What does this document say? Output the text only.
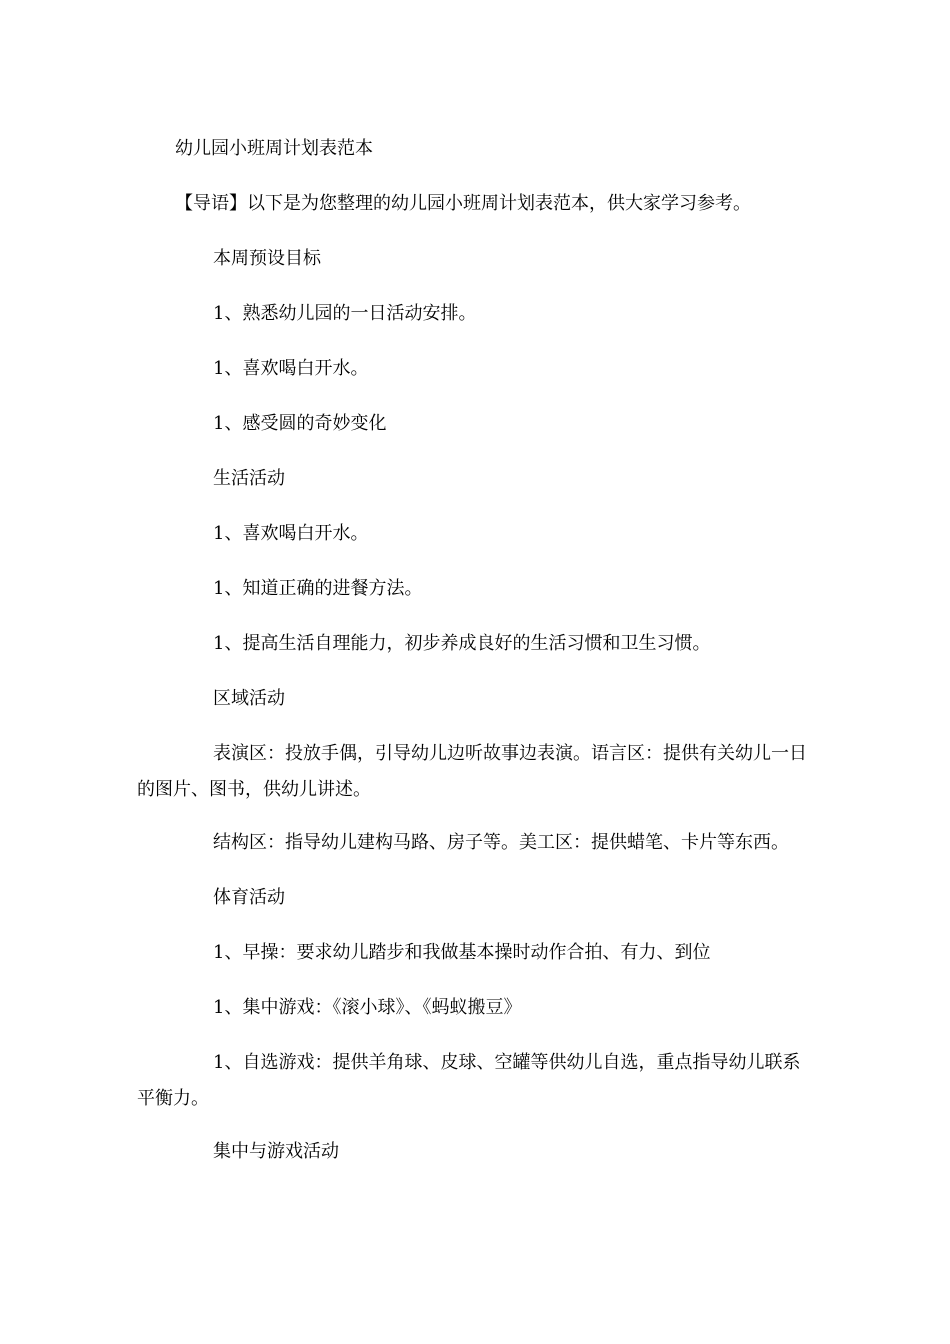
幼儿园小班周计划表范本
【导语】以下是为您整理的幼儿园小班周计划表范本，供大家学习参考。
本周预设目标
1、熟悉幼儿园的一日活动安排。
1、喜欢喝白开水。
1、感受圆的奇妙变化
生活活动
1、喜欢喝白开水。
1、知道正确的进餐方法。
1、提高生活自理能力，初步养成良好的生活习惯和卫生习惯。
区域活动
表演区：投放手偶，引导幼儿边听故事边表演。语言区：提供有关幼儿一日的图片、图书，供幼儿讲述。
结构区：指导幼儿建构马路、房子等。美工区：提供蜡笔、卡片等东西。
体育活动
1、早操：要求幼儿踏步和我做基本操时动作合拍、有力、到位
1、集中游戏：《滚小球》、《蚂蚁搬豆》
1、自选游戏：提供羊角球、皮球、空罐等供幼儿自选，重点指导幼儿联系平衡力。
集中与游戏活动
